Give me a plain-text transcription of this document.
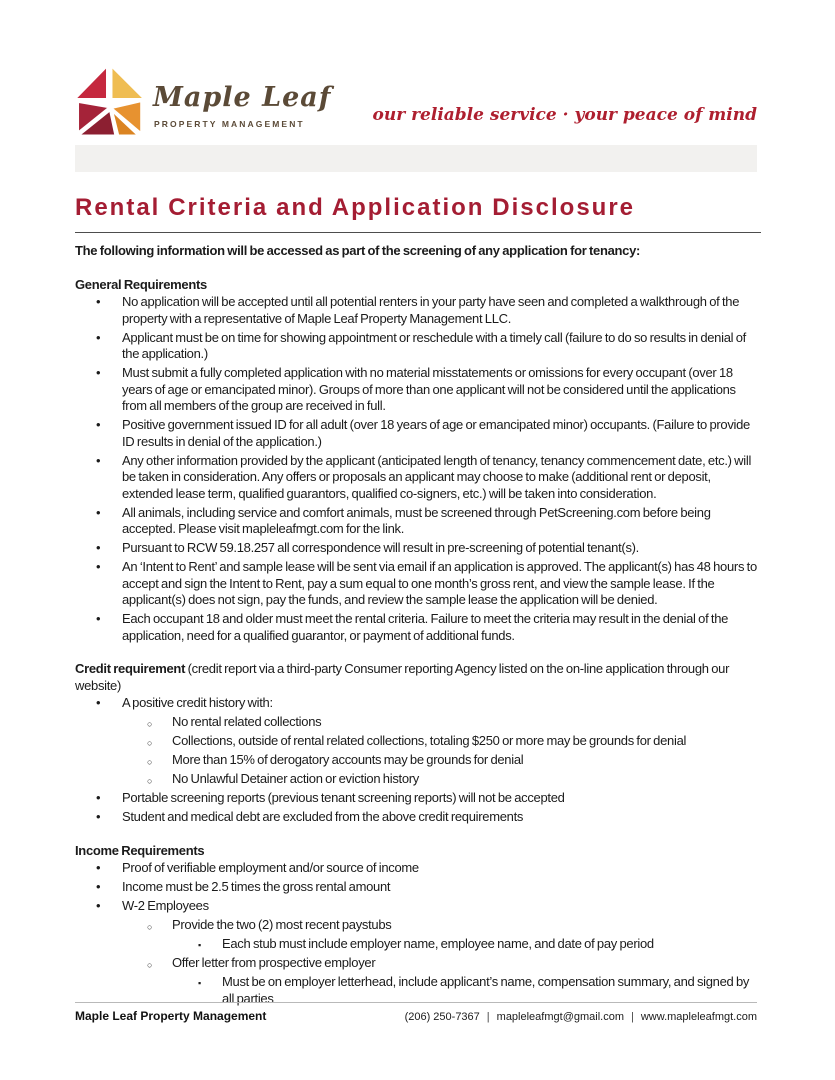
Maple Leaf
PROPERTY MANAGEMENT	our reliable service · your peace of mind
Rental Criteria and Application Disclosure

The following information will be accessed as part of the screening of any application for tenancy:

General Requirements
• No application will be accepted until all potential renters in your party have seen and completed a walkthrough of the property with a representative of Maple Leaf Property Management LLC.
• Applicant must be on time for showing appointment or reschedule with a timely call (failure to do so results in denial of the application.)
• Must submit a fully completed application with no material misstatements or omissions for every occupant (over 18 years of age or emancipated minor). Groups of more than one applicant will not be considered until the applications from all members of the group are received in full.
• Positive government issued ID for all adult (over 18 years of age or emancipated minor) occupants. (Failure to provide ID results in denial of the application.)
• Any other information provided by the applicant (anticipated length of tenancy, tenancy commencement date, etc.) will be taken in consideration. Any offers or proposals an applicant may choose to make (additional rent or deposit, extended lease term, qualified guarantors, qualified co-signers, etc.) will be taken into consideration.
• All animals, including service and comfort animals, must be screened through PetScreening.com before being accepted. Please visit mapleleafmgt.com for the link.
• Pursuant to RCW 59.18.257 all correspondence will result in pre-screening of potential tenant(s).
• An ‘Intent to Rent’ and sample lease will be sent via email if an application is approved. The applicant(s) has 48 hours to accept and sign the Intent to Rent, pay a sum equal to one month’s gross rent, and view the sample lease. If the applicant(s) does not sign, pay the funds, and review the sample lease the application will be denied.
• Each occupant 18 and older must meet the rental criteria. Failure to meet the criteria may result in the denial of the application, need for a qualified guarantor, or payment of additional funds.
Credit requirement (credit report via a third-party Consumer reporting Agency listed on the on-line application through our website)
• A positive credit history with:
○ No rental related collections
○ Collections, outside of rental related collections, totaling $250 or more may be grounds for denial
○ More than 15% of derogatory accounts may be grounds for denial
○ No Unlawful Detainer action or eviction history
• Portable screening reports (previous tenant screening reports) will not be accepted
• Student and medical debt are excluded from the above credit requirements
Income Requirements
• Proof of verifiable employment and/or source of income
• Income must be 2.5 times the gross rental amount
• W-2 Employees
○ Provide the two (2) most recent paystubs
▪ Each stub must include employer name, employee name, and date of pay period
○ Offer letter from prospective employer
▪ Must be on employer letterhead, include applicant’s name, compensation summary, and signed by all parties
Maple Leaf Property Management	(206) 250-7367 | mapleleafmgt@gmail.com | www.mapleleafmgt.com
